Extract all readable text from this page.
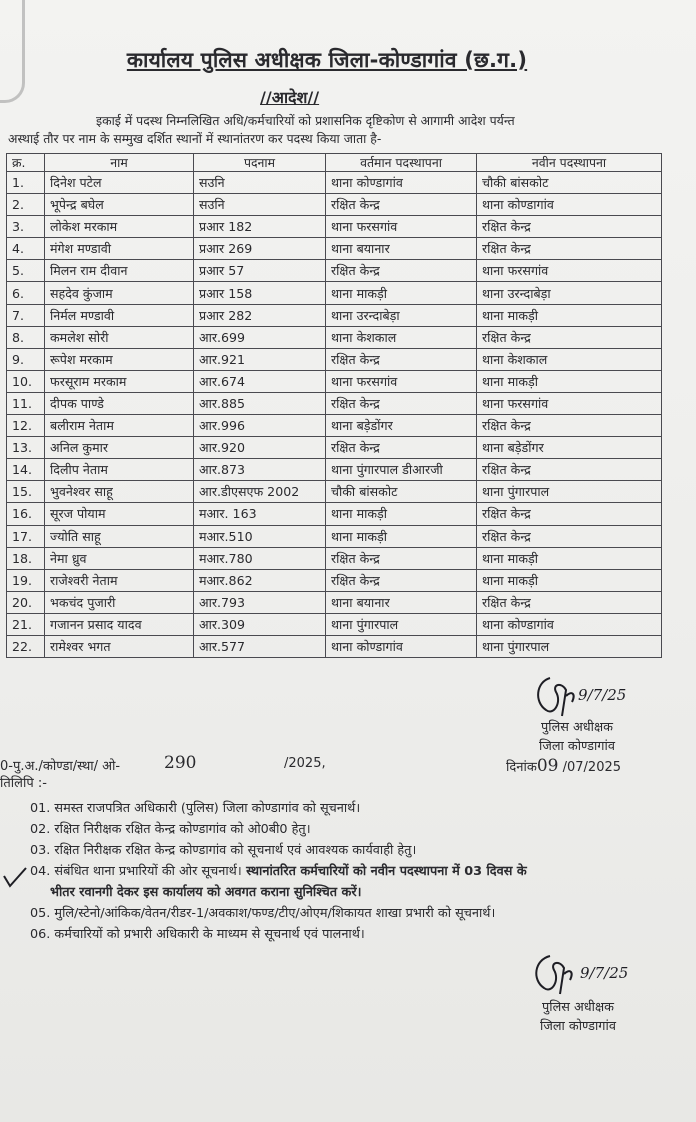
कार्यालय पुलिस अधीक्षक जिला-कोण्डागांव (छ.ग.)
//आदेश//
इकाई में पदस्थ निम्नलिखित अधि/कर्मचारियों को प्रशासनिक दृष्टिकोण से आगामी आदेश पर्यन्त
अस्थाई तौर पर नाम के सम्मुख दर्शित स्थानों में स्थानांतरण कर पदस्थ किया जाता है-
क्र.	नाम	पदनाम	वर्तमान पदस्थापना	नवीन पदस्थापना
1.	दिनेश पटेल	सउनि	थाना कोण्डागांव	चौकी बांसकोट
2.	भूपेन्द्र बघेल	सउनि	रक्षित केन्द्र	थाना कोण्डागांव
3.	लोकेश मरकाम	प्रआर 182	थाना फरसगांव	रक्षित केन्द्र
4.	मंगेश मण्डावी	प्रआर 269	थाना बयानार	रक्षित केन्द्र
5.	मिलन राम दीवान	प्रआर 57	रक्षित केन्द्र	थाना फरसगांव
6.	सहदेव कुंजाम	प्रआर 158	थाना माकड़ी	थाना उरन्दाबेड़ा
7.	निर्मल मण्डावी	प्रआर 282	थाना उरन्दाबेड़ा	थाना माकड़ी
8.	कमलेश सोरी	आर.699	थाना केशकाल	रक्षित केन्द्र
9.	रूपेश मरकाम	आर.921	रक्षित केन्द्र	थाना केशकाल
10.	फरसूराम मरकाम	आर.674	थाना फरसगांव	थाना माकड़ी
11.	दीपक पाण्डे	आर.885	रक्षित केन्द्र	थाना फरसगांव
12.	बलीराम नेताम	आर.996	थाना बड़ेडोंगर	रक्षित केन्द्र
13.	अनिल कुमार	आर.920	रक्षित केन्द्र	थाना बड़ेडोंगर
14.	दिलीप नेताम	आर.873	थाना पुंगारपाल डीआरजी	रक्षित केन्द्र
15.	भुवनेश्वर साहू	आर.डीएसएफ 2002	चौकी बांसकोट	थाना पुंगारपाल
16.	सूरज पोयाम	मआर. 163	थाना माकड़ी	रक्षित केन्द्र
17.	ज्योति साहू	मआर.510	थाना माकड़ी	रक्षित केन्द्र
18.	नेमा ध्रुव	मआर.780	रक्षित केन्द्र	थाना माकड़ी
19.	राजेश्वरी नेताम	मआर.862	रक्षित केन्द्र	थाना माकड़ी
20.	भकचंद पुजारी	आर.793	थाना बयानार	रक्षित केन्द्र
21.	गजानन प्रसाद यादव	आर.309	थाना पुंगारपाल	थाना कोण्डागांव
22.	रामेश्वर भगत	आर.577	थाना कोण्डागांव	थाना पुंगारपाल
9/7/25
पुलिस अधीक्षक
जिला कोण्डागांव
0-पु.अ./कोण्डा/स्था/ ओ-	290	/2025,	दिनांक09 /07/2025
तिलिपि :-
01. समस्त राजपत्रित अधिकारी (पुलिस) जिला कोण्डागांव को सूचनार्थ।
02. रक्षित निरीक्षक रक्षित केन्द्र कोण्डागांव को ओ0बी0 हेतु।
03. रक्षित निरीक्षक रक्षित केन्द्र कोण्डागांव को सूचनार्थ एवं आवश्यक कार्यवाही हेतु।
04. संबंधित थाना प्रभारियों की ओर सूचनार्थ। स्थानांतरित कर्मचारियों को नवीन पदस्थापना में 03 दिवस के
भीतर रवानगी देकर इस कार्यालय को अवगत कराना सुनिश्चित करें।
05. मुलि/स्टेनो/आंकिक/वेतन/रीडर-1/अवकाश/फण्ड/टीए/ओएम/शिकायत शाखा प्रभारी को सूचनार्थ।
06. कर्मचारियों को प्रभारी अधिकारी के माध्यम से सूचनार्थ एवं पालनार्थ।
9/7/25
पुलिस अधीक्षक
जिला कोण्डागांव
